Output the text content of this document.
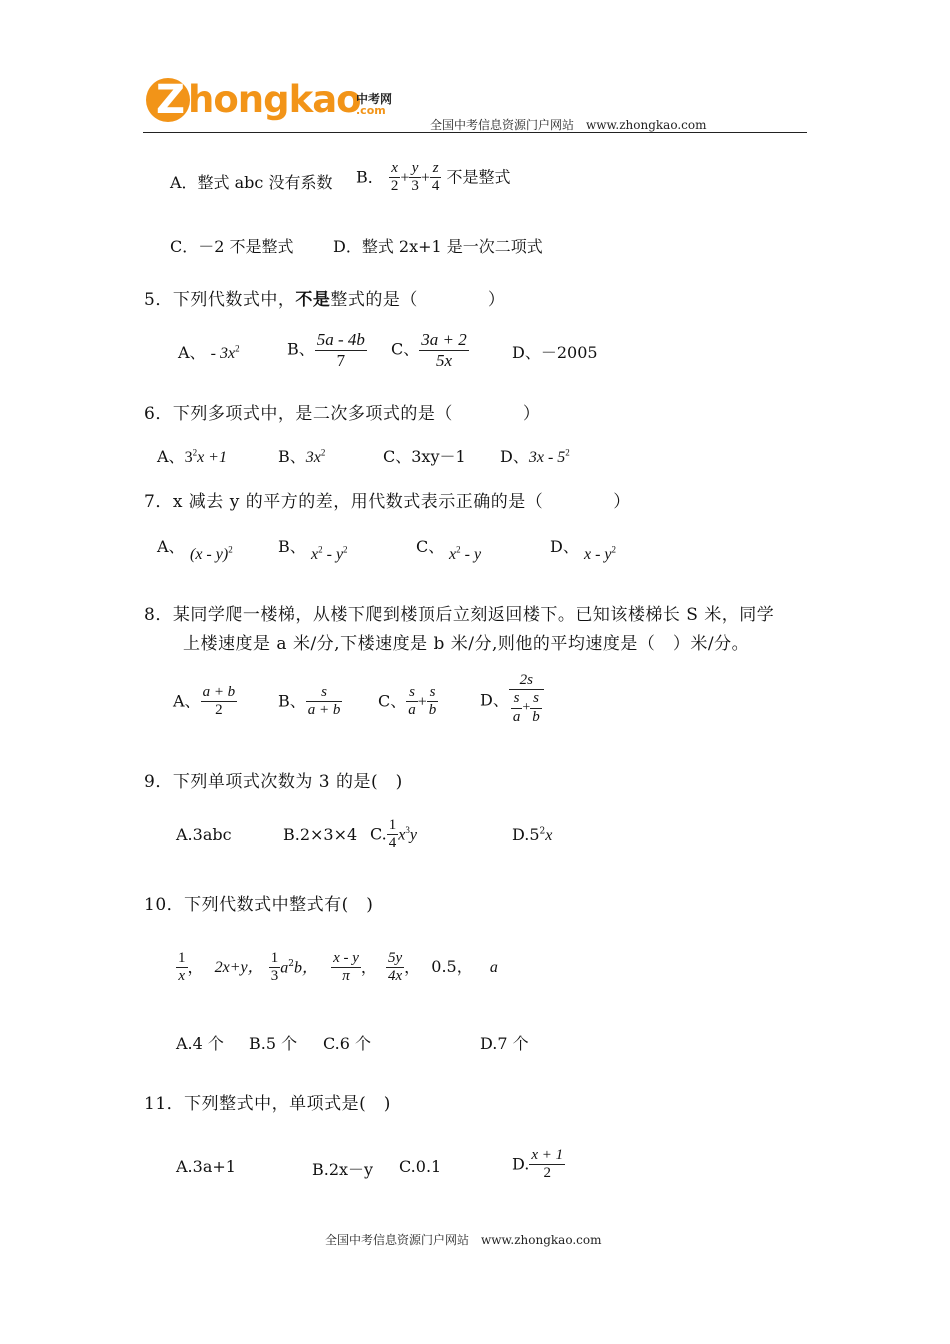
Z hongkao
中考网
.com
全国中考信息资源门户网站　www.zhongkao.com
A．整式 abc 没有系数 B． $\frac{x}{2} + \frac{y}{3} + \frac{z}{4}$ 不是整式
C．－2 不是整式 D．整式 2x+1 是一次二项式
5．下列代数式中，不是整式的是（　　　　）
A、 - $3x^2$	B、 $\frac{5a - 4b}{7}$ C、 $\frac{3a + 2}{5x}$	D、－2005
6．下列多项式中，是二次多项式的是（　　　　）
A、$3^2x +1$	B、$3x^2$	C、3xy－1 D、$3x - 5^2$
7．x 减去 y 的平方的差，用代数式表示正确的是（　　　　）
A、 (x - y)$^2$	B、 $x^2 - y^2$	C、 $x^2$ - y	D、 x - $y^2$
8．某同学爬一楼梯，从楼下爬到楼顶后立刻返回楼下。已知该楼梯长 S 米，同学
上楼速度是 a 米/分,下楼速度是 b 米/分,则他的平均速度是（　）米/分。
A、 $\frac{a + b}{2}$	B、 $\frac{s}{a + b}$ C、 $\frac{s}{a} + \frac{s}{b}$	D、 $\frac{2s}{\frac{s}{a} + \frac{s}{b}}$
9．下列单项式次数为 3 的是(　)
A.3abc	B.2×3×4 C. $\frac{1}{4} x^3y$	$D.5^2x$
10．下列代数式中整式有(　)
$\frac{1}{x}$ ， 2x+y， $\frac{1}{3} a^2b$， $\frac{x - y}{\pi}$ ， $\frac{5y}{4x}$ ， 0.5， a
A.4 个 B.5 个 C.6 个	D.7 个
11．下列整式中，单项式是(　)
A.3a+1	B.2x－y C.0.1	D. $\frac{x + 1}{2}$
全国中考信息资源门户网站　www.zhongkao.com
